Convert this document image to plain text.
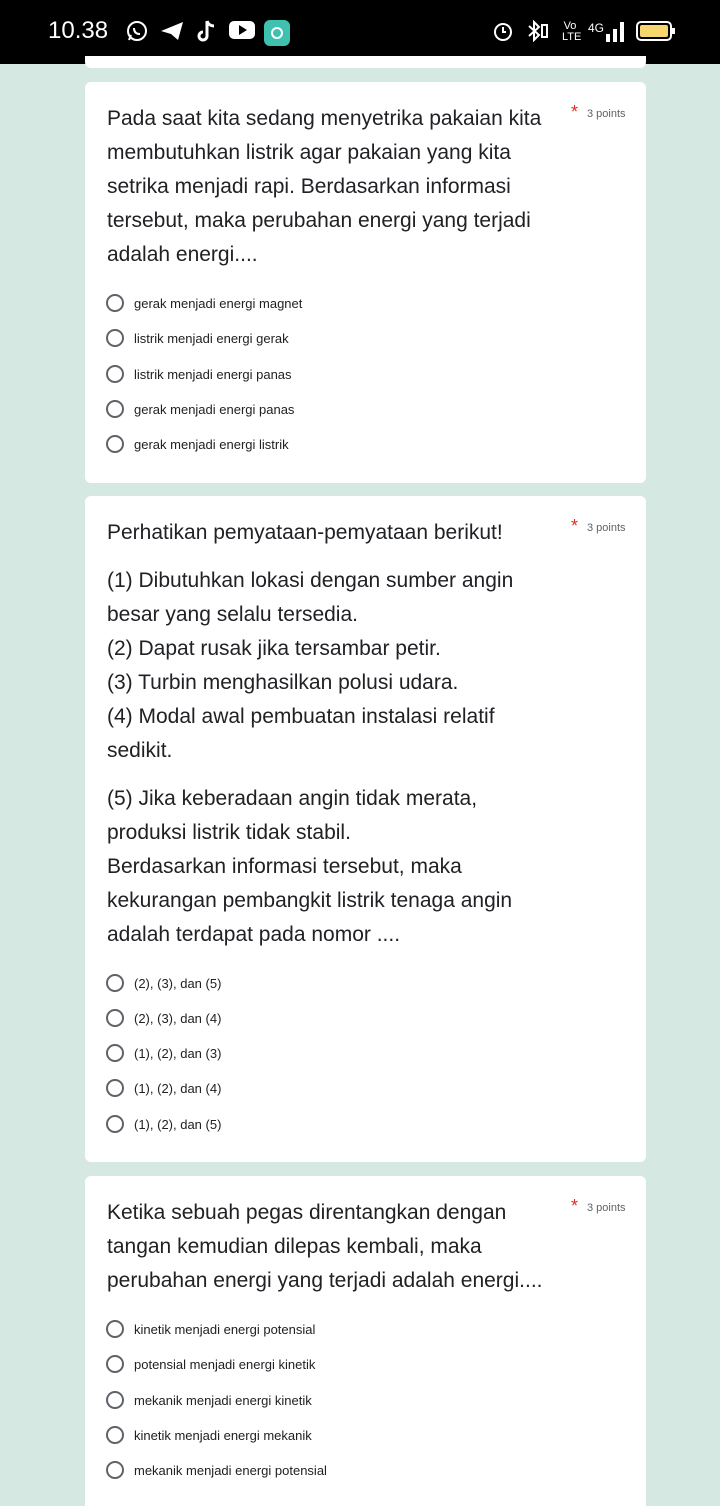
10.38	Vo LTE
4G

Pada saat kita sedang menyetrika pakaian kita membutuhkan listrik agar pakaian yang kita setrika menjadi rapi. Berdasarkan informasi tersebut, maka perubahan energi yang terjadi adalah energi....

* 3 points
gerak menjadi energi magnet
listrik menjadi energi gerak
listrik menjadi energi panas
gerak menjadi energi panas
gerak menjadi energi listrik

Perhatikan pemyataan-pemyataan berikut!

(1) Dibutuhkan lokasi dengan sumber angin besar yang selalu tersedia.

(2) Dapat rusak jika tersambar petir.

(3) Turbin menghasilkan polusi udara.

(4) Modal awal pembuatan instalasi relatif sedikit.

(5) Jika keberadaan angin tidak merata, produksi listrik tidak stabil.

Berdasarkan informasi tersebut, maka kekurangan pembangkit listrik tenaga angin adalah terdapat pada nomor ....

* 3 points
(2), (3), dan (5)
(2), (3), dan (4)
(1), (2), dan (3)
(1), (2), dan (4)
(1), (2), dan (5)

Ketika sebuah pegas direntangkan dengan tangan kemudian dilepas kembali, maka perubahan energi yang terjadi adalah energi....

* 3 points
kinetik menjadi energi potensial
potensial menjadi energi kinetik
mekanik menjadi energi kinetik
kinetik menjadi energi mekanik
mekanik menjadi energi potensial
